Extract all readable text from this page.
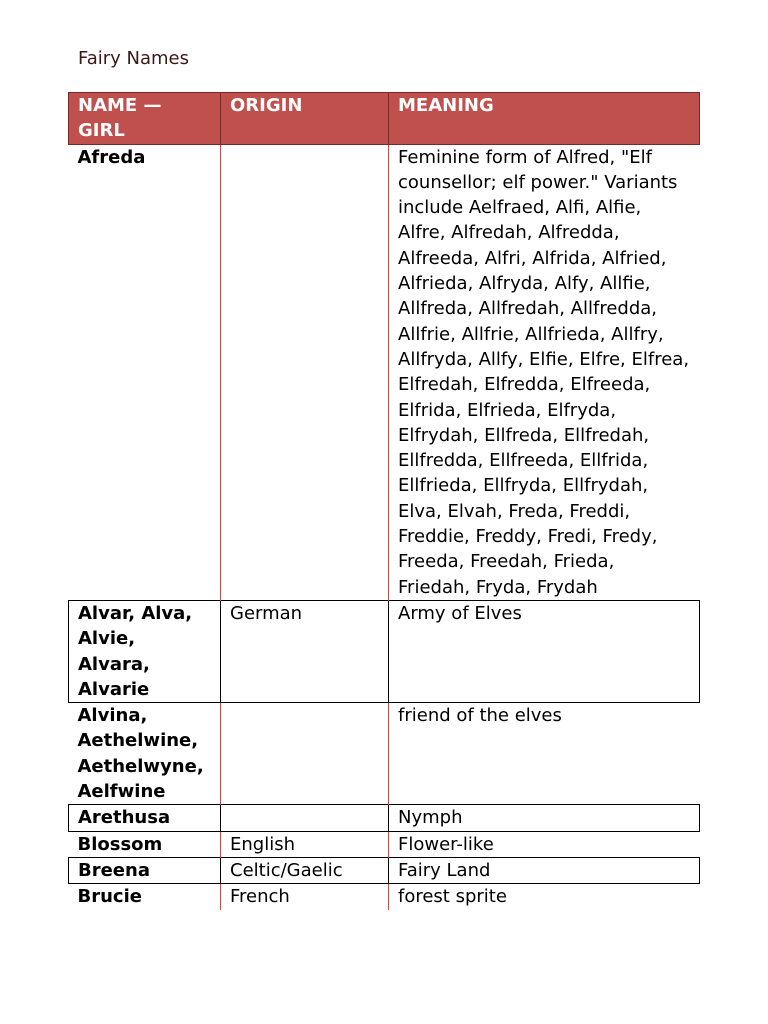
Fairy Names
NAME — GIRL	ORIGIN	MEANING
Afreda		Feminine form of Alfred, "Elf counsellor; elf power." Variants include Aelfraed, Alfi, Alfie, Alfre, Alfredah, Alfredda, Alfreeda, Alfri, Alfrida, Alfried, Alfrieda, Alfryda, Alfy, Allfie, Allfreda, Allfredah, Allfredda, Allfrie, Allfrie, Allfrieda, Allfry, Allfryda, Allfy, Elfie, Elfre, Elfrea, Elfredah, Elfredda, Elfreeda, Elfrida, Elfrieda, Elfryda, Elfrydah, Ellfreda, Ellfredah, Ellfredda, Ellfreeda, Ellfrida, Ellfrieda, Ellfryda, Ellfrydah, Elva, Elvah, Freda, Freddi, Freddie, Freddy, Fredi, Fredy, Freeda, Freedah, Frieda, Friedah, Fryda, Frydah
Alvar, Alva, Alvie, Alvara, Alvarie	German	Army of Elves
Alvina, Aethelwine, Aethelwyne, Aelfwine		friend of the elves
Arethusa		Nymph
Blossom	English	Flower-like
Breena	Celtic/Gaelic	Fairy Land
Brucie	French	forest sprite
